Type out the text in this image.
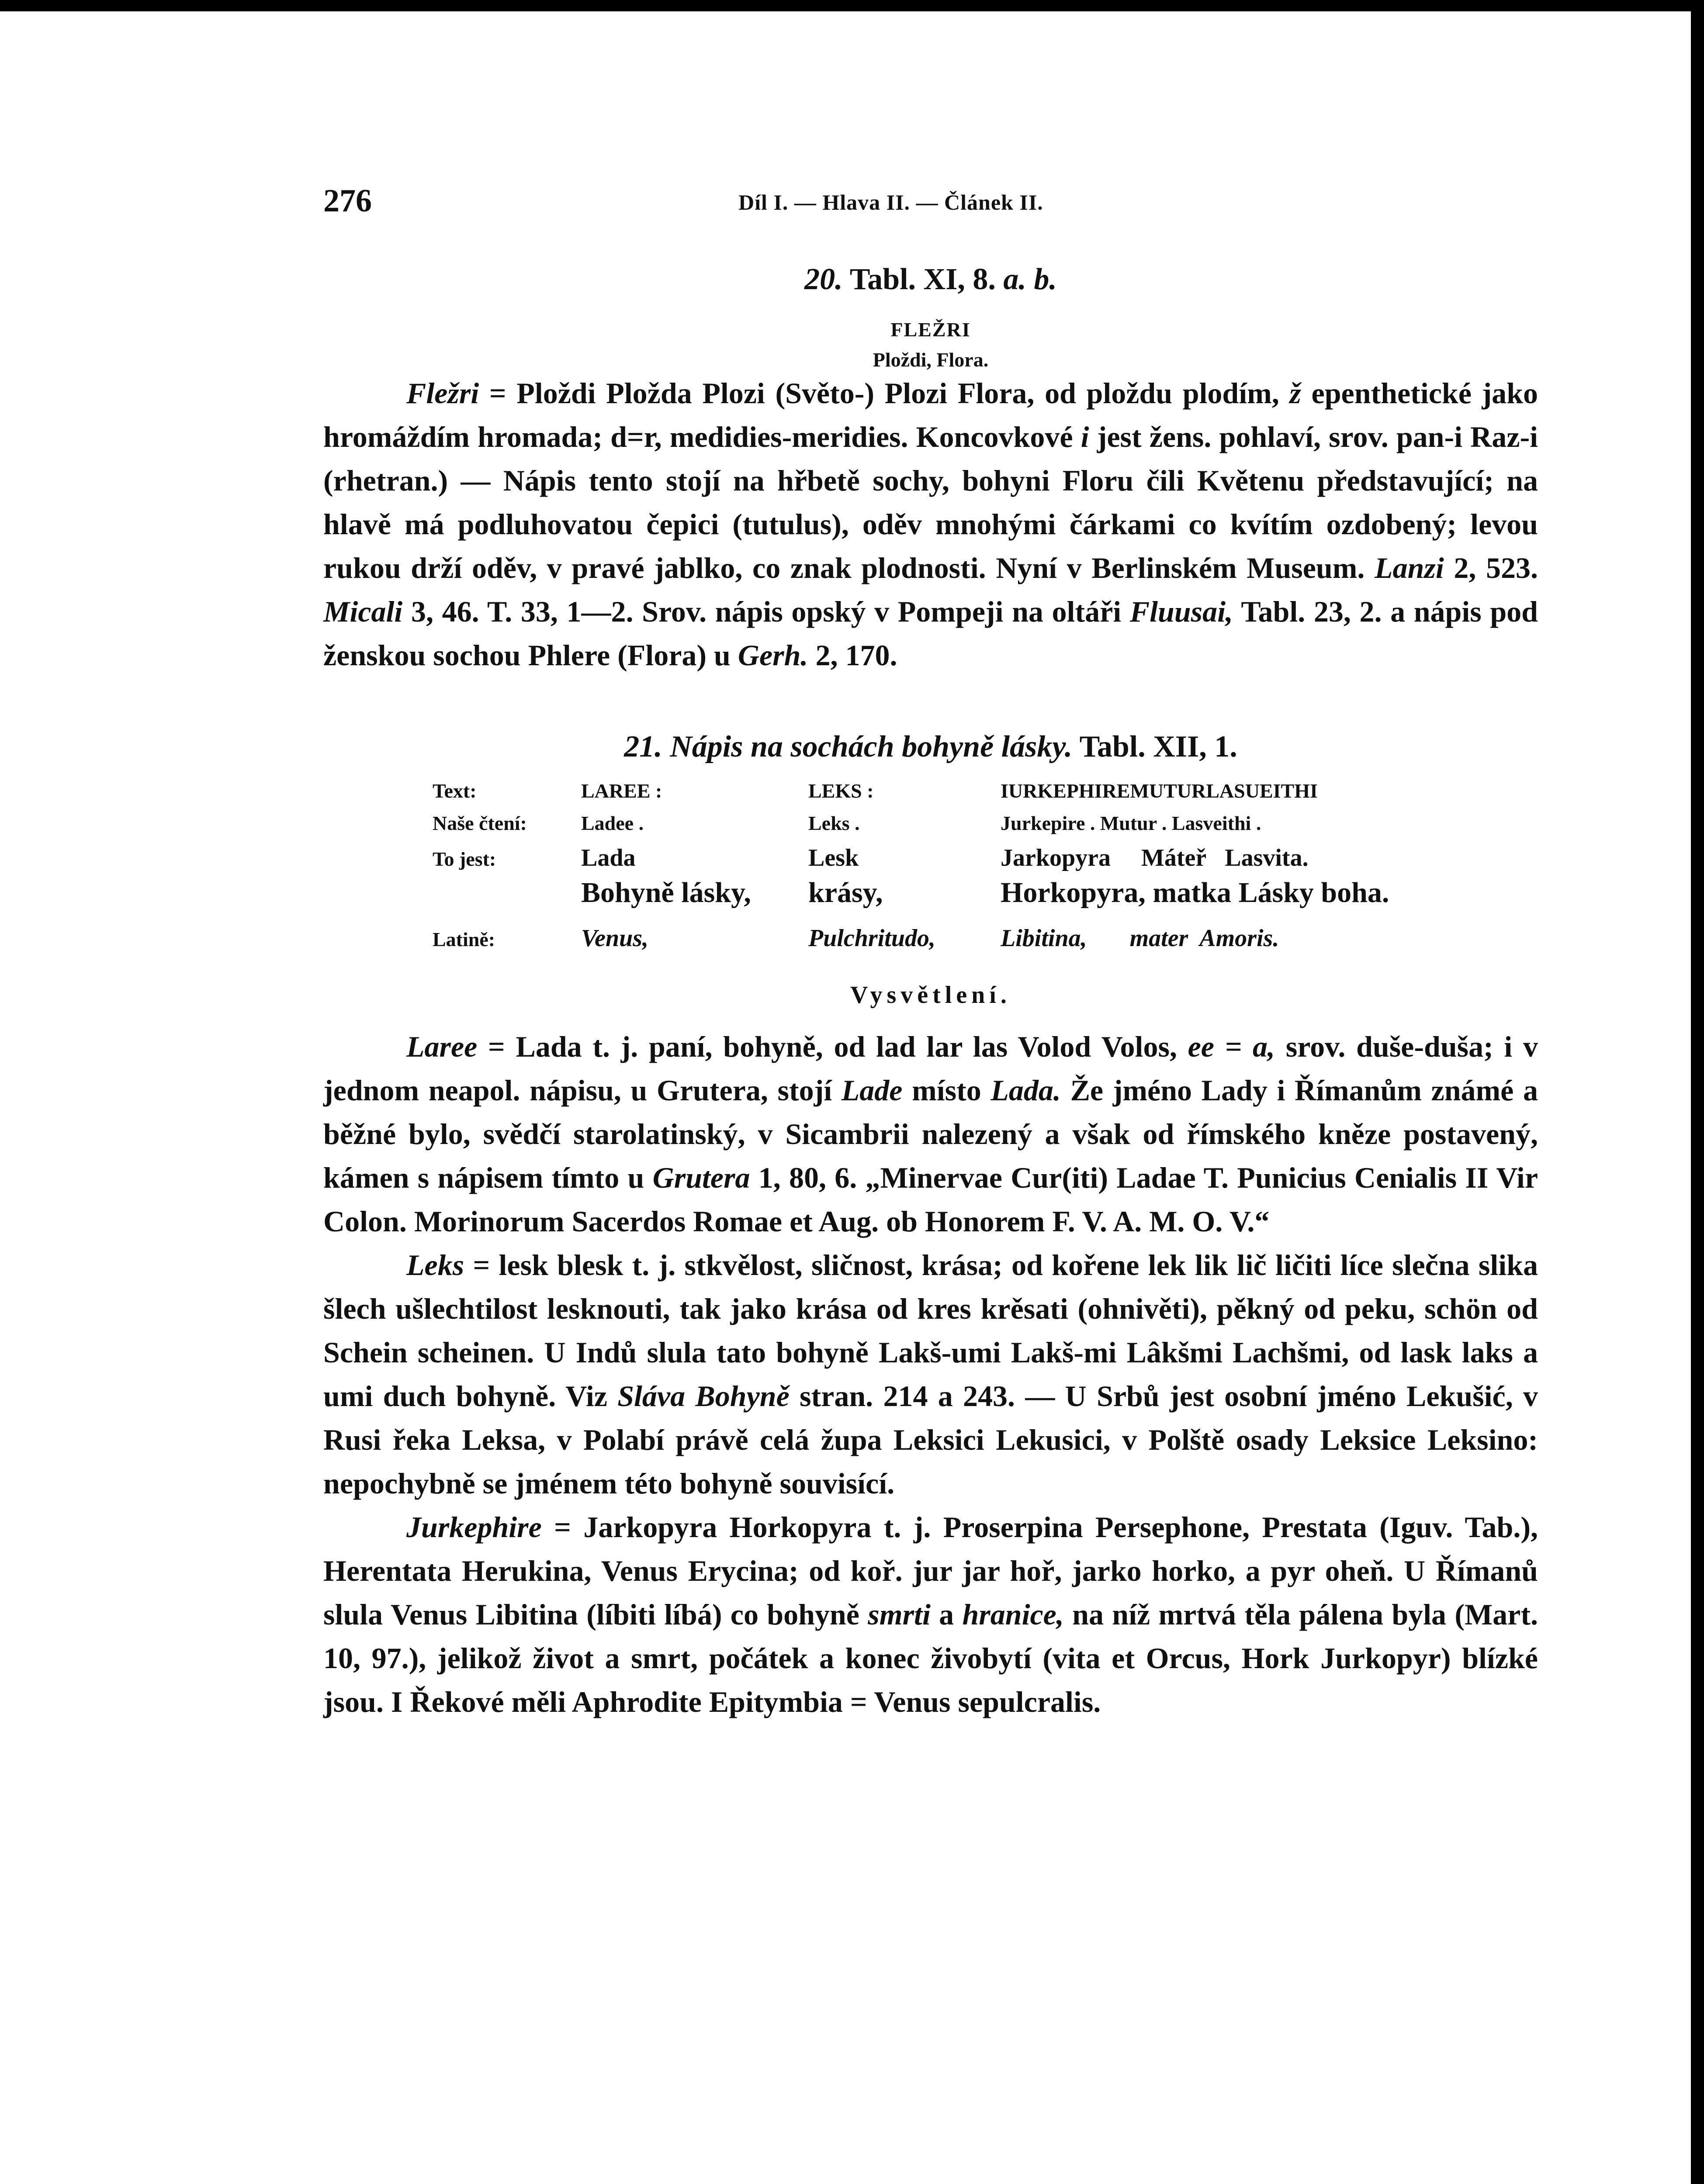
276	Díl I. — Hlava II. — Článek II.
20. Tabl. XI, 8. a. b.
FLEŽRI
Ploždi, Flora.

Fležri = Ploždi Pložda Plozi (Světo-) Plozi Flora, od ploždu plodím, ž epenthetické jako hromáždím hromada; d=r, medidies-meridies. Koncovkové i jest žens. pohlaví, srov. pan-i Raz-i (rhetran.) — Nápis tento stojí na hřbetě sochy, bohyni Floru čili Květenu představující; na hlavě má podluhovatou čepici (tutulus), oděv mnohými čárkami co kvítím ozdobený; levou rukou drží oděv, v pravé jablko, co znak plodnosti. Nyní v Berlinském Museum. Lanzi 2, 523. Micali 3, 46. T. 33, 1—2. Srov. nápis opský v Pompeji na oltáři Fluusai, Tabl. 23, 2. a nápis pod ženskou sochou Phlere (Flora) u Gerh. 2, 170.

21. Nápis na sochách bohyně lásky. Tabl. XII, 1.
Text:	LAREE :	LEKS :	IURKEPHIREMUTURLASUEITHI
Naše čtení:	Ladee .	Leks .	Jurkepire . Mutur . Lasveithi .
To jest:	Lada	Lesk	Jarkopyra     Máteř   Lasvita.
	Bohyně lásky,	krásy,	Horkopyra, matka Lásky boha.
Latině:	Venus,	Pulchritudo,	Libitina,       mater  Amoris.
Vysvětlení.

Laree = Lada t. j. paní, bohyně, od lad lar las Volod Volos, ee = a, srov. duše-duša; i v jednom neapol. nápisu, u Grutera, stojí Lade místo Lada. Že jméno Lady i Římanům známé a běžné bylo, svědčí starolatinský, v Sicambrii nalezený a však od římského kněze postavený, kámen s nápisem tímto u Grutera 1, 80, 6. „Minervae Cur(iti) Ladae T. Punicius Cenialis II Vir Colon. Morinorum Sacerdos Romae et Aug. ob Honorem F. V. A. M. O. V.“

Leks = lesk blesk t. j. stkvělost, sličnost, krása; od kořene lek lik lič ličiti líce slečna slika šlech ušlechtilost lesknouti, tak jako krása od kres krěsati (ohnivěti), pěkný od peku, schön od Schein scheinen. U Indů slula tato bohyně Lakš-umi Lakš-mi Lâkšmi Lachšmi, od lask laks a umi duch bohyně. Viz Sláva Bohyně stran. 214 a 243. — U Srbů jest osobní jméno Lekušić, v Rusi řeka Leksa, v Polabí právě celá župa Leksici Lekusici, v Polště osady Leksice Leksino: nepochybně se jménem této bohyně souvisící.

Jurkephire = Jarkopyra Horkopyra t. j. Proserpina Persephone, Prestata (Iguv. Tab.), Herentata Herukina, Venus Erycina; od koř. jur jar hoř, jarko horko, a pyr oheň. U Římanů slula Venus Libitina (líbiti líbá) co bohyně smrti a hranice, na níž mrtvá těla pálena byla (Mart. 10, 97.), jelikož život a smrt, počátek a konec živobytí (vita et Orcus, Hork Jurkopyr) blízké jsou. I Řekové měli Aphrodite Epitymbia = Venus sepulcralis.
